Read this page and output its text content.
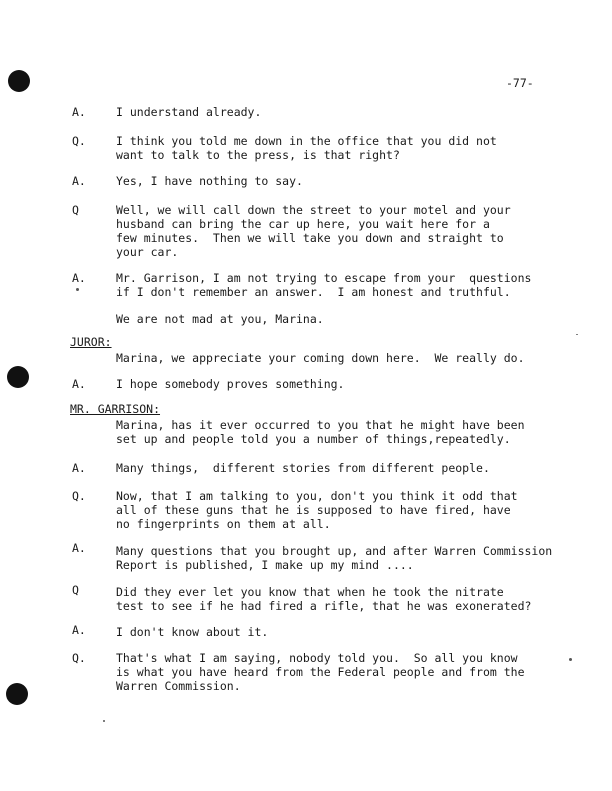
-77-
A.	I understand already.
Q.	I think you told me down in the office that you did not
want to talk to the press, is that right?
A.	Yes, I have nothing to say.
Q	Well, we will call down the street to your motel and your
husband can bring the car up here, you wait here for a
few minutes.  Then we will take you down and straight to
your car.
A.	Mr. Garrison, I am not trying to escape from your  questions
if I don't remember an answer.  I am honest and truthful.
We are not mad at you, Marina.
JUROR:
Marina, we appreciate your coming down here.  We really do.
A.	I hope somebody proves something.
MR. GARRISON:
Marina, has it ever occurred to you that he might have been
set up and people told you a number of things,repeatedly.
A.	Many things,  different stories from different people.
Q.	Now, that I am talking to you, don't you think it odd that
all of these guns that he is supposed to have fired, have
no fingerprints on them at all.
A.	Many questions that you brought up, and after Warren Commission
Report is published, I make up my mind ....
Q	Did they ever let you know that when he took the nitrate
test to see if he had fired a rifle, that he was exonerated?
A.	I don't know about it.
Q.	That's what I am saying, nobody told you.  So all you know
is what you have heard from the Federal people and from the
Warren Commission.
